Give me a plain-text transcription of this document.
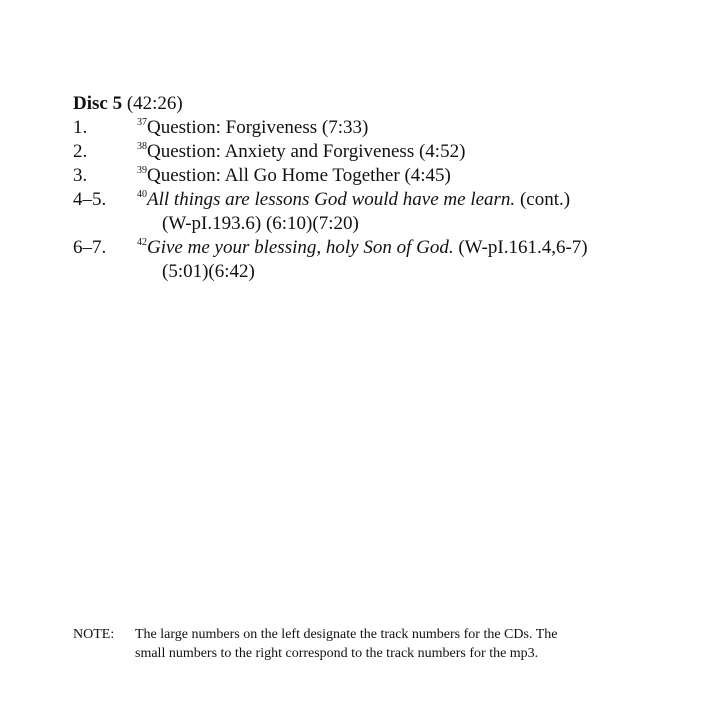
Disc 5 (42:26)
1.	$^{37}$Question: Forgiveness (7:33)
2.	$^{38}$Question: Anxiety and Forgiveness (4:52)
3.	$^{39}$Question: All Go Home Together (4:45)
4–5.	$^{40}$All things are lessons God would have me learn. (cont.)
(W-pI.193.6) (6:10)(7:20)
6–7.	$^{42}$Give me your blessing, holy Son of God. (W-pI.161.4,6-7)
(5:01)(6:42)
NOTE: The large numbers on the left designate the track numbers for the CDs. The
small numbers to the right correspond to the track numbers for the mp3.
